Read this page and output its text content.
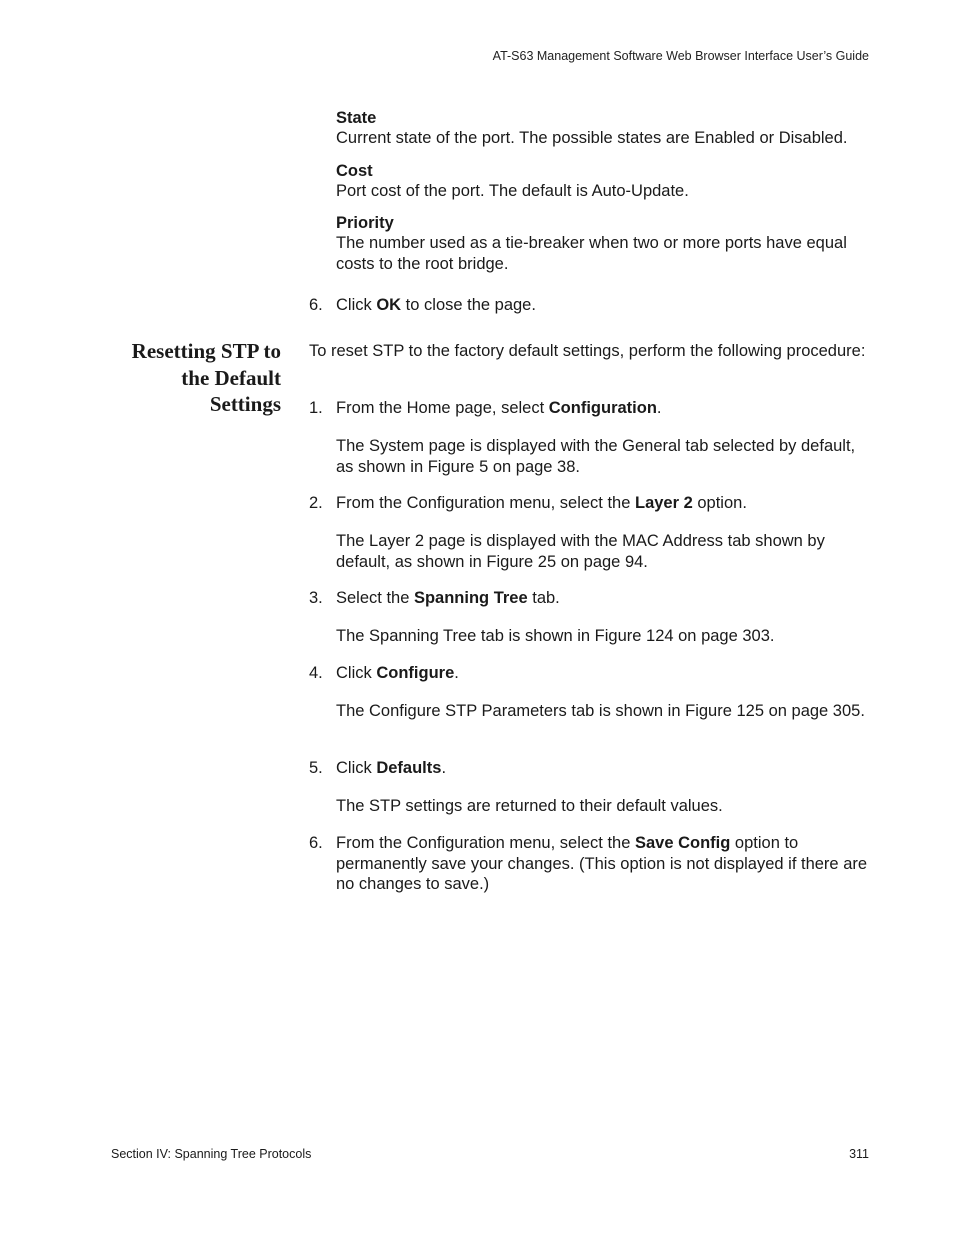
AT-S63 Management Software Web Browser Interface User’s Guide
State
Current state of the port. The possible states are Enabled or Disabled.
Cost
Port cost of the port. The default is Auto-Update.
Priority
The number used as a tie-breaker when two or more ports have equal costs to the root bridge.
6. Click OK to close the page.
Resetting STP to
the Default
Settings
To reset STP to the factory default settings, perform the following procedure:
1. From the Home page, select Configuration.
The System page is displayed with the General tab selected by default, as shown in Figure 5 on page 38.
2. From the Configuration menu, select the Layer 2 option.
The Layer 2 page is displayed with the MAC Address tab shown by default, as shown in Figure 25 on page 94.
3. Select the Spanning Tree tab.
The Spanning Tree tab is shown in Figure 124 on page 303.
4. Click Configure.
The Configure STP Parameters tab is shown in Figure 125 on page 305.
5. Click Defaults.
The STP settings are returned to their default values.
6. From the Configuration menu, select the Save Config option to permanently save your changes. (This option is not displayed if there are no changes to save.)
Section IV: Spanning Tree Protocols	311
